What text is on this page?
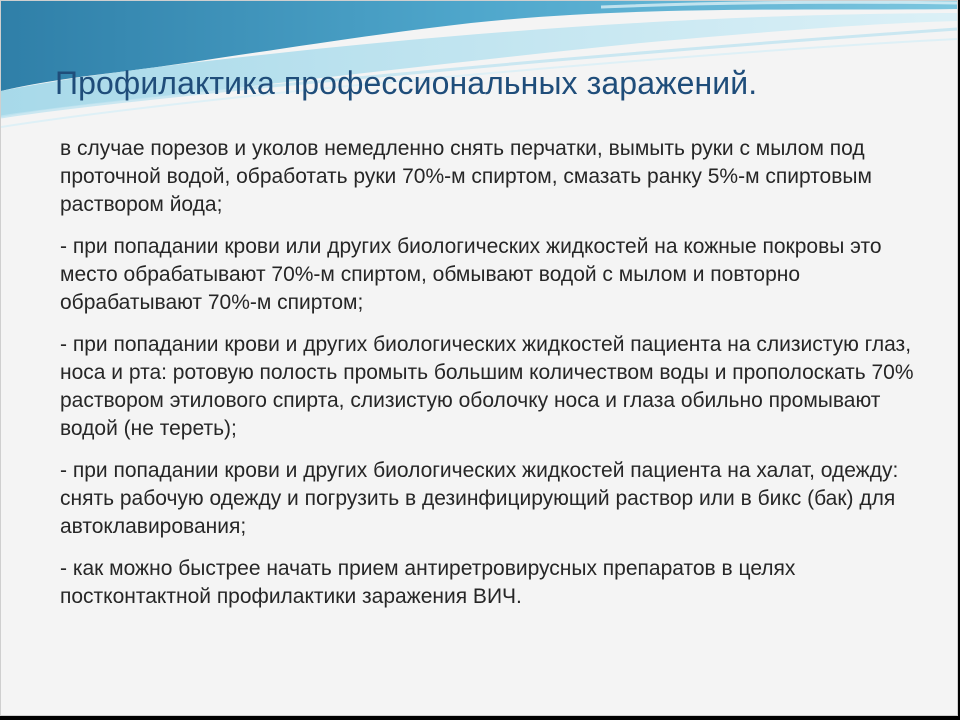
Профилактика профессиональных заражений.

в случае порезов и уколов немедленно снять перчатки, вымыть руки с мылом под проточной водой, обработать руки 70%-м спиртом, смазать ранку 5%-м спиртовым раствором йода;

- при попадании крови или других биологических жидкостей на кожные покровы это место обрабатывают 70%-м спиртом, обмывают водой с мылом и повторно обрабатывают 70%-м спиртом;

- при попадании крови и других биологических жидкостей пациента на слизистую глаз, носа и рта: ротовую полость промыть большим количеством воды и прополоскать 70% раствором этилового спирта, слизистую оболочку носа и глаза обильно промывают водой (не тереть);

- при попадании крови и других биологических жидкостей пациента на халат, одежду: снять рабочую одежду и погрузить в дезинфицирующий раствор или в бикс (бак) для автоклавирования;

- как можно быстрее начать прием антиретровирусных препаратов в целях постконтактной профилактики заражения ВИЧ.
